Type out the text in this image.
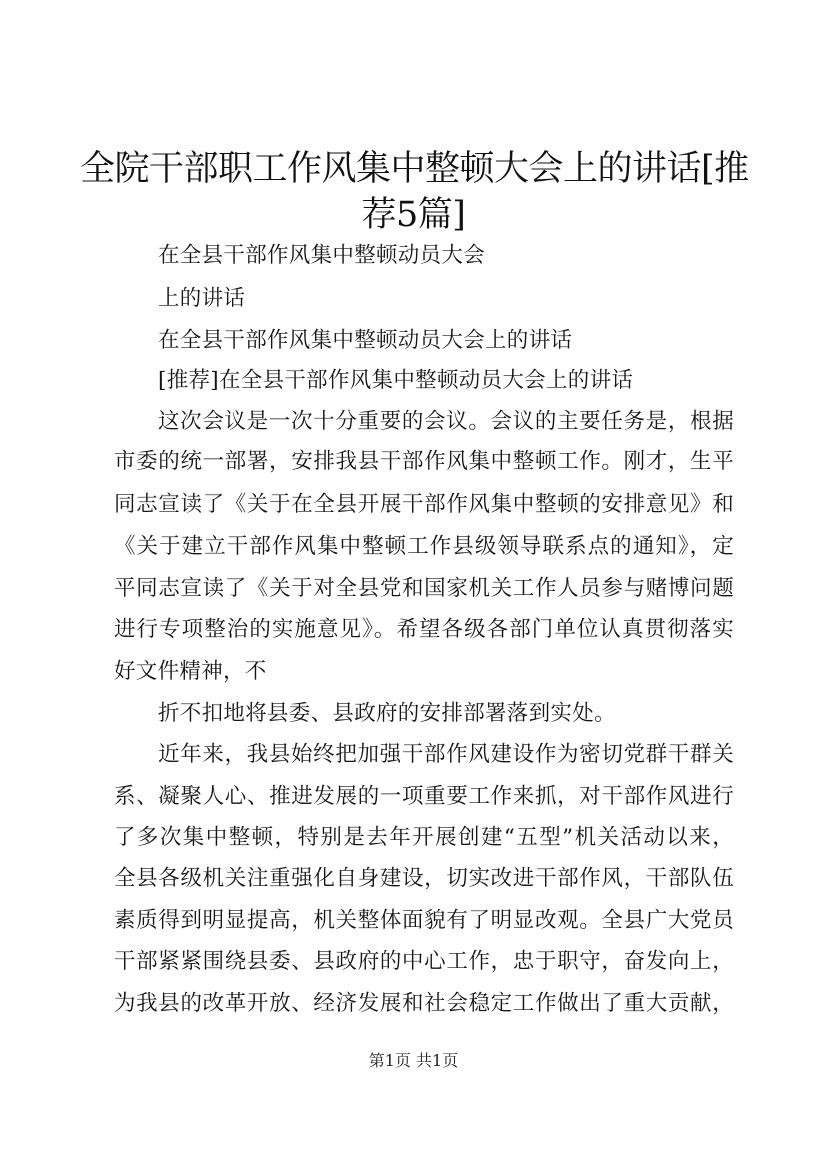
全院干部职工作风集中整顿大会上的讲话[推
荐5篇]
在全县干部作风集中整顿动员大会
上的讲话
在全县干部作风集中整顿动员大会上的讲话
[推荐]在全县干部作风集中整顿动员大会上的讲话
这次会议是一次十分重要的会议。会议的主要任务是，根据
市委的统一部署，安排我县干部作风集中整顿工作。刚才，生平
同志宣读了《关于在全县开展干部作风集中整顿的安排意见》和
《关于建立干部作风集中整顿工作县级领导联系点的通知》，定
平同志宣读了《关于对全县党和国家机关工作人员参与赌博问题
进行专项整治的实施意见》。希望各级各部门单位认真贯彻落实
好文件精神，不
折不扣地将县委、县政府的安排部署落到实处。
近年来，我县始终把加强干部作风建设作为密切党群干群关
系、凝聚人心、推进发展的一项重要工作来抓，对干部作风进行
了多次集中整顿，特别是去年开展创建“五型”机关活动以来，
全县各级机关注重强化自身建设，切实改进干部作风，干部队伍
素质得到明显提高，机关整体面貌有了明显改观。全县广大党员
干部紧紧围绕县委、县政府的中心工作，忠于职守，奋发向上，
为我县的改革开放、经济发展和社会稳定工作做出了重大贡献，
第1页 共1页
